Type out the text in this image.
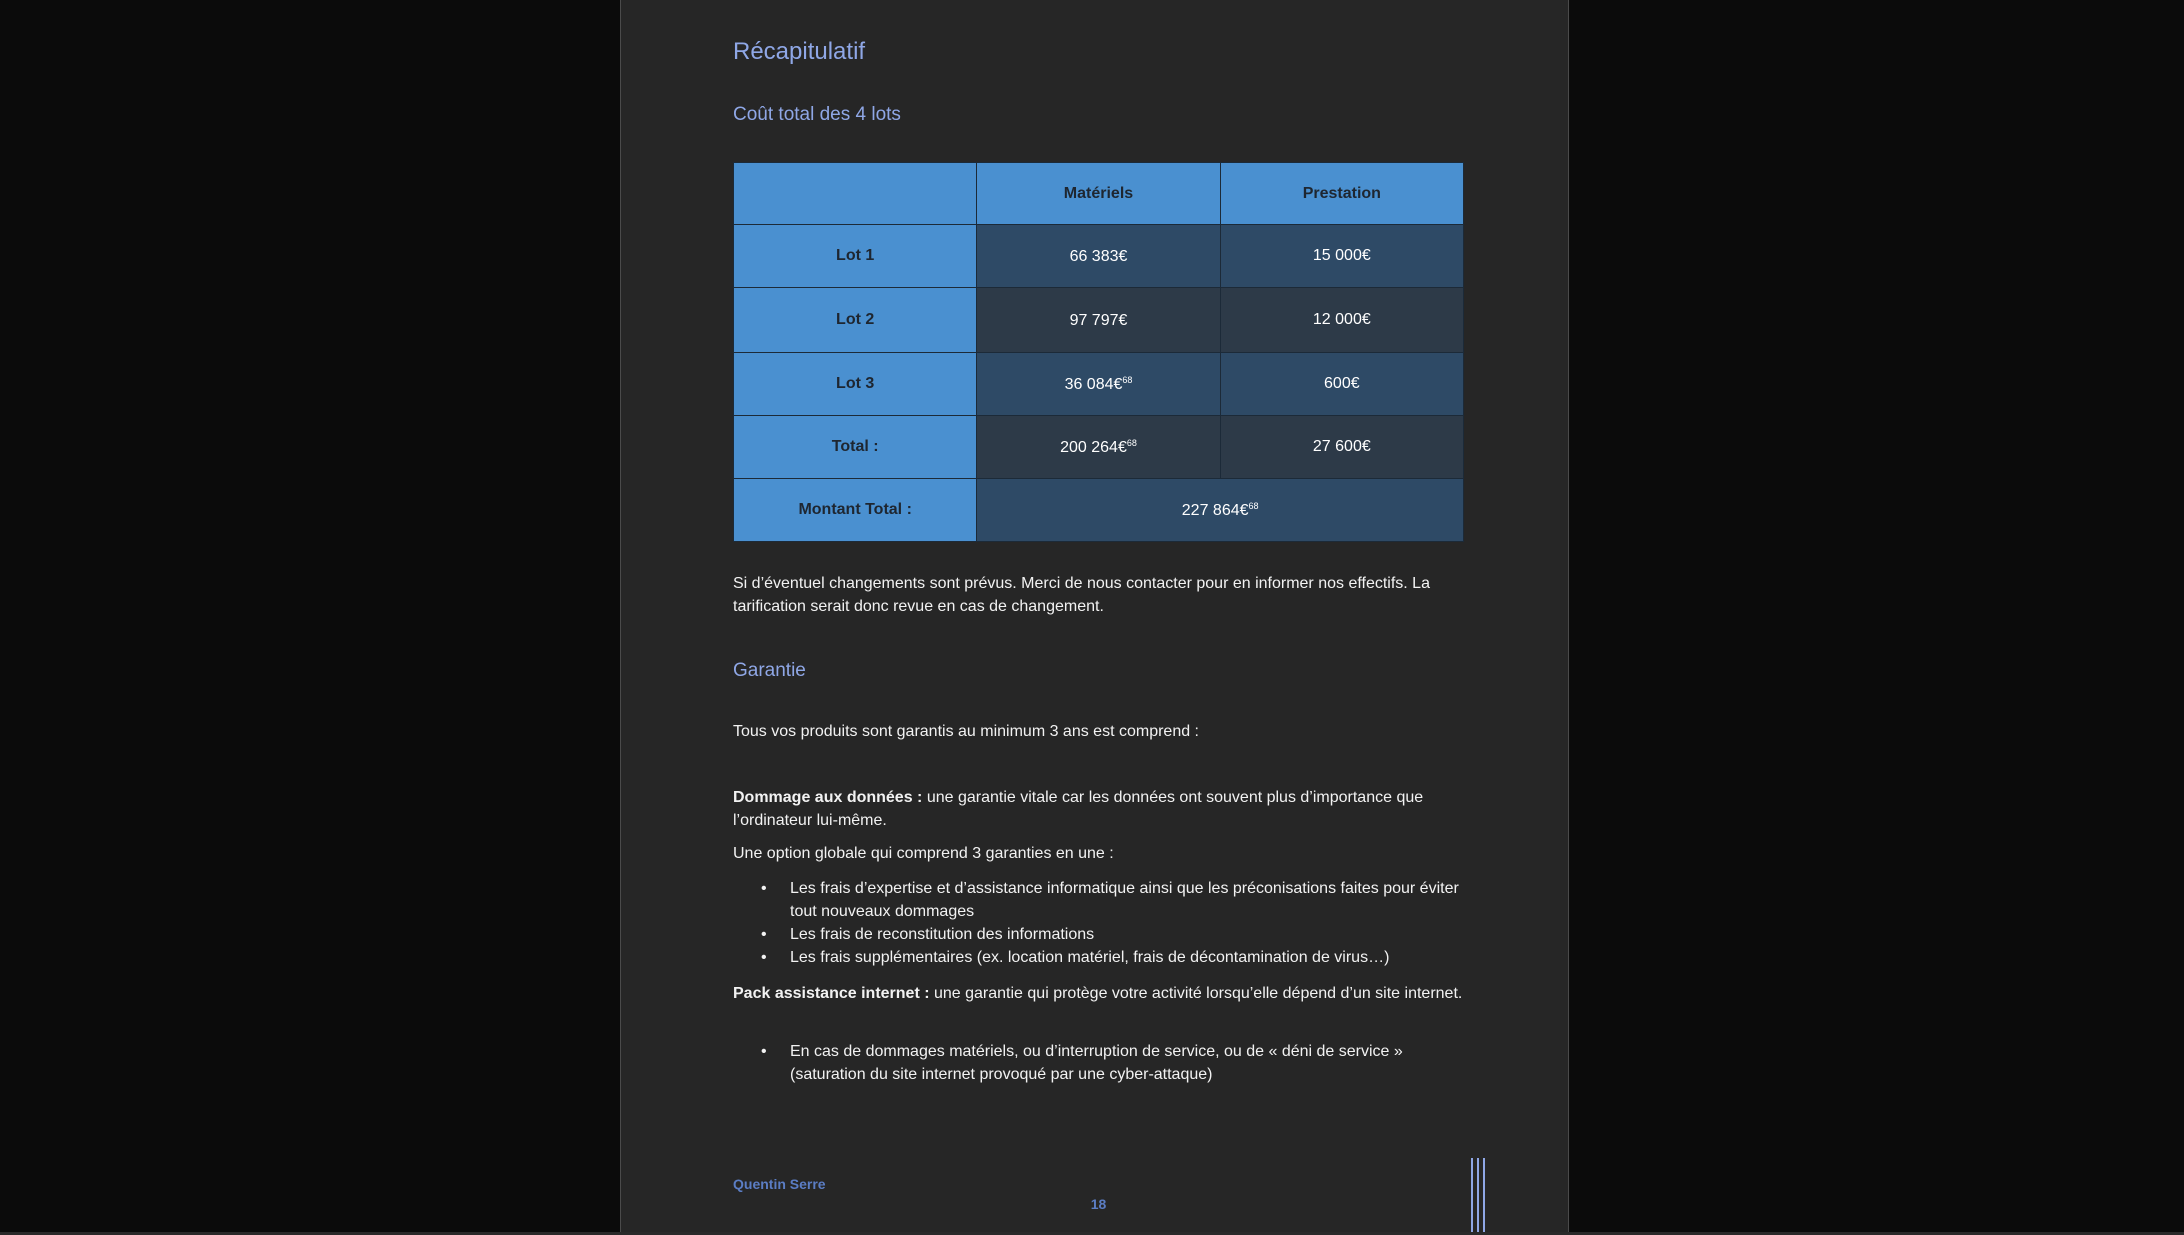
Récapitulatif
Coût total des 4 lots
	Matériels	Prestation
Lot 1	66 383€	15 000€
Lot 2	97 797€	12 000€
Lot 3	36 084€$^{68}$	600€
Total :	200 264€$^{68}$	27 600€
Montant Total :	227 864€$^{68}$

Si d’éventuel changements sont prévus. Merci de nous contacter pour en informer nos effectifs. La tarification serait donc revue en cas de changement.

Garantie

Tous vos produits sont garantis au minimum 3 ans est comprend :

Dommage aux données : une garantie vitale car les données ont souvent plus d’importance que l’ordinateur lui-même.

Une option globale qui comprend 3 garanties en une :

• Les frais d’expertise et d’assistance informatique ainsi que les préconisations faites pour éviter tout nouveaux dommages
• Les frais de reconstitution des informations
• Les frais supplémentaires (ex. location matériel, frais de décontamination de virus…)

Pack assistance internet : une garantie qui protège votre activité lorsqu’elle dépend d’un site internet.

• En cas de dommages matériels, ou d’interruption de service, ou de « déni de service » (saturation du site internet provoqué par une cyber-attaque)
Quentin Serre
18
